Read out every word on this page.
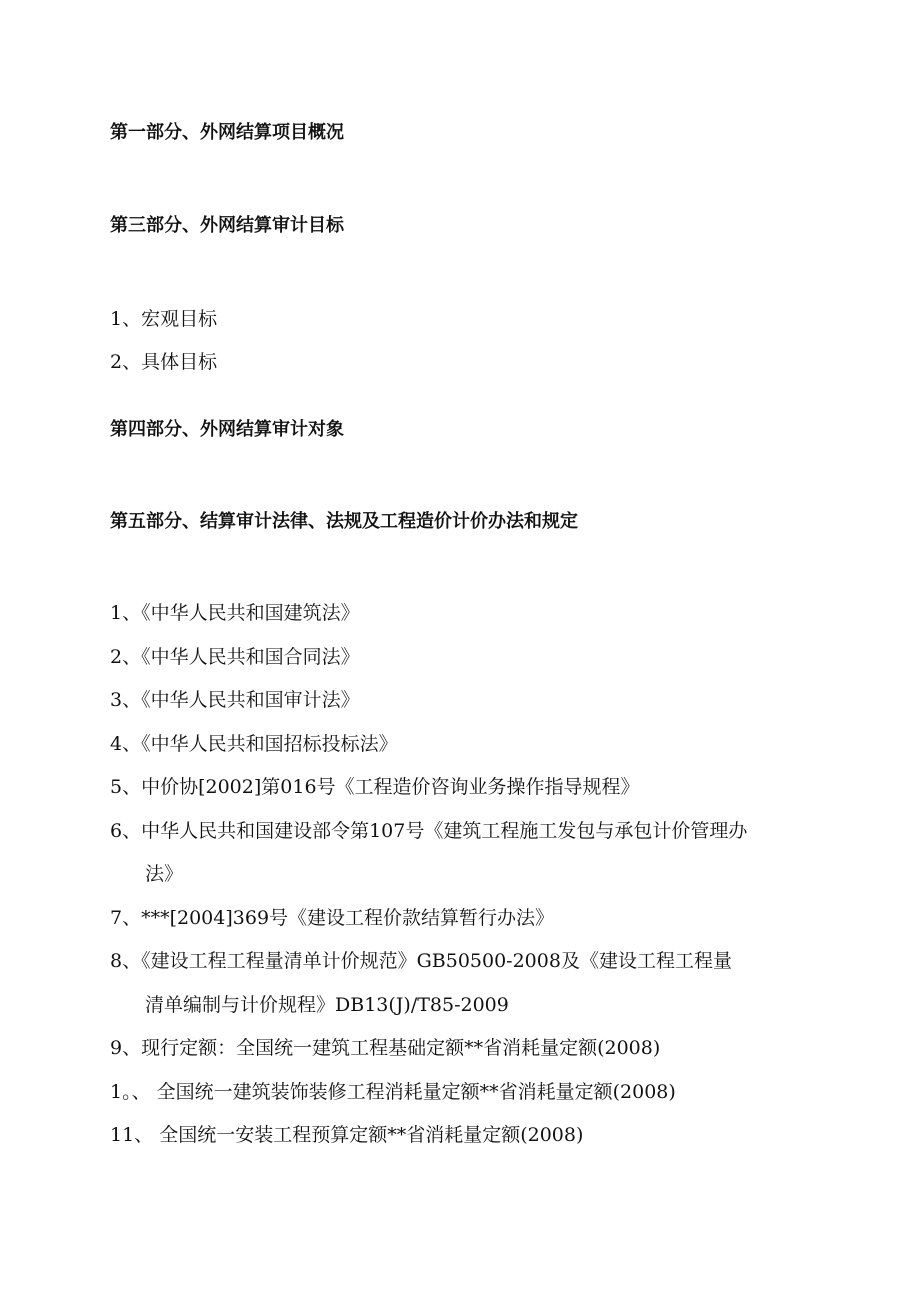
第一部分、外网结算项目概况
第三部分、外网结算审计目标

1、宏观目标

2、具体目标

第四部分、外网结算审计对象
第五部分、结算审计法律、法规及工程造价计价办法和规定

1、《中华人民共和国建筑法》

2、《中华人民共和国合同法》

3、《中华人民共和国审计法》

4、《中华人民共和国招标投标法》

5、中价协[2002]第016号《工程造价咨询业务操作指导规程》

6、中华人民共和国建设部令第107号《建筑工程施工发包与承包计价管理办

法》

7、***[2004]369号《建设工程价款结算暂行办法》

8、《建设工程工程量清单计价规范》GB50500-2008及《建设工程工程量

清单编制与计价规程》DB13(J)/T85-2009

9、现行定额：全国统一建筑工程基础定额**省消耗量定额(2008)

1。、 全国统一建筑装饰装修工程消耗量定额**省消耗量定额(2008)

11、 全国统一安装工程预算定额**省消耗量定额(2008)
